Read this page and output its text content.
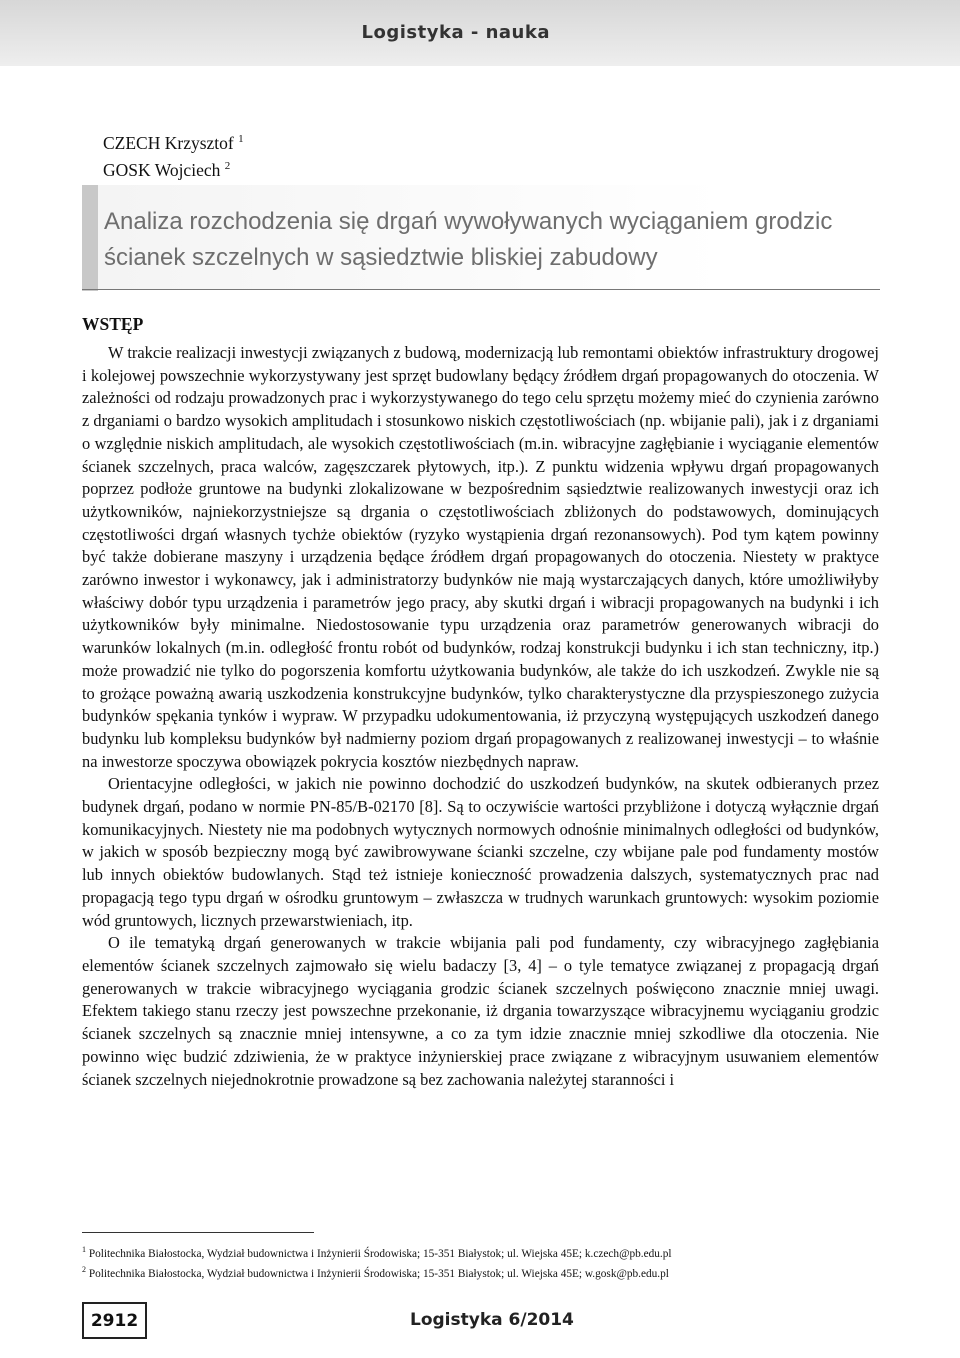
Logistyka - nauka
CZECH Krzysztof $^1$
GOSK Wojciech $^2$
Analiza rozchodzenia się drgań wywoływanych wyciąganiem grodzic
ścianek szczelnych w sąsiedztwie bliskiej zabudowy
WSTĘP

W trakcie realizacji inwestycji związanych z budową, modernizacją lub remontami obiektów infrastruktury drogowej i kolejowej powszechnie wykorzystywany jest sprzęt budowlany będący źródłem drgań propagowanych do otoczenia. W zależności od rodzaju prowadzonych prac i wykorzystywanego do tego celu sprzętu możemy mieć do czynienia zarówno z drganiami o bardzo wysokich amplitudach i stosunkowo niskich częstotliwościach (np. wbijanie pali), jak i z drganiami o względnie niskich amplitudach, ale wysokich częstotliwościach (m.in. wibracyjne zagłębianie i wyciąganie elementów ścianek szczelnych, praca walców, zagęszczarek płytowych, itp.). Z punktu widzenia wpływu drgań propagowanych poprzez podłoże gruntowe na budynki zlokalizowane w bezpośrednim sąsiedztwie realizowanych inwestycji oraz ich użytkowników, najniekorzystniejsze są drgania o częstotliwościach zbliżonych do podstawowych, dominujących częstotliwości drgań własnych tychże obiektów (ryzyko wystąpienia drgań rezonansowych). Pod tym kątem powinny być także dobierane maszyny i urządzenia będące źródłem drgań propagowanych do otoczenia. Niestety w praktyce zarówno inwestor i wykonawcy, jak i administratorzy budynków nie mają wystarczających danych, które umożliwiłyby właściwy dobór typu urządzenia i parametrów jego pracy, aby skutki drgań i wibracji propagowanych na budynki i ich użytkowników były minimalne. Niedostosowanie typu urządzenia oraz parametrów generowanych wibracji do warunków lokalnych (m.in. odległość frontu robót od budynków, rodzaj konstrukcji budynku i ich stan techniczny, itp.) może prowadzić nie tylko do pogorszenia komfortu użytkowania budynków, ale także do ich uszkodzeń. Zwykle nie są to grożące poważną awarią uszkodzenia konstrukcyjne budynków, tylko charakterystyczne dla przyspieszonego zużycia budynków spękania tynków i wypraw. W przypadku udokumentowania, iż przyczyną występujących uszkodzeń danego budynku lub kompleksu budynków był nadmierny poziom drgań propagowanych z realizowanej inwestycji – to właśnie na inwestorze spoczywa obowiązek pokrycia kosztów niezbędnych napraw.

Orientacyjne odległości, w jakich nie powinno dochodzić do uszkodzeń budynków, na skutek odbieranych przez budynek drgań, podano w normie PN-85/B-02170 [8]. Są to oczywiście wartości przybliżone i dotyczą wyłącznie drgań komunikacyjnych. Niestety nie ma podobnych wytycznych normowych odnośnie minimalnych odległości od budynków, w jakich w sposób bezpieczny mogą być zawibrowywane ścianki szczelne, czy wbijane pale pod fundamenty mostów lub innych obiektów budowlanych. Stąd też istnieje konieczność prowadzenia dalszych, systematycznych prac nad propagacją tego typu drgań w ośrodku gruntowym – zwłaszcza w trudnych warunkach gruntowych: wysokim poziomie wód gruntowych, licznych przewarstwieniach, itp.

O ile tematyką drgań generowanych w trakcie wbijania pali pod fundamenty, czy wibracyjnego zagłębiania elementów ścianek szczelnych zajmowało się wielu badaczy [3, 4] – o tyle tematyce związanej z propagacją drgań generowanych w trakcie wibracyjnego wyciągania grodzic ścianek szczelnych poświęcono znacznie mniej uwagi. Efektem takiego stanu rzeczy jest powszechne przekonanie, iż drgania towarzyszące wibracyjnemu wyciąganiu grodzic ścianek szczelnych są znacznie mniej intensywne, a co za tym idzie znacznie mniej szkodliwe dla otoczenia. Nie powinno więc budzić zdziwienia, że w praktyce inżynierskiej prace związane z wibracyjnym usuwaniem elementów ścianek szczelnych niejednokrotnie prowadzone są bez zachowania należytej staranności i

$^1$ Politechnika Białostocka, Wydział budownictwa i Inżynierii Środowiska; 15-351 Białystok; ul. Wiejska 45E; k.czech@pb.edu.pl
$^2$ Politechnika Białostocka, Wydział budownictwa i Inżynierii Środowiska; 15-351 Białystok; ul. Wiejska 45E; w.gosk@pb.edu.pl
2912	Logistyka 6/2014
